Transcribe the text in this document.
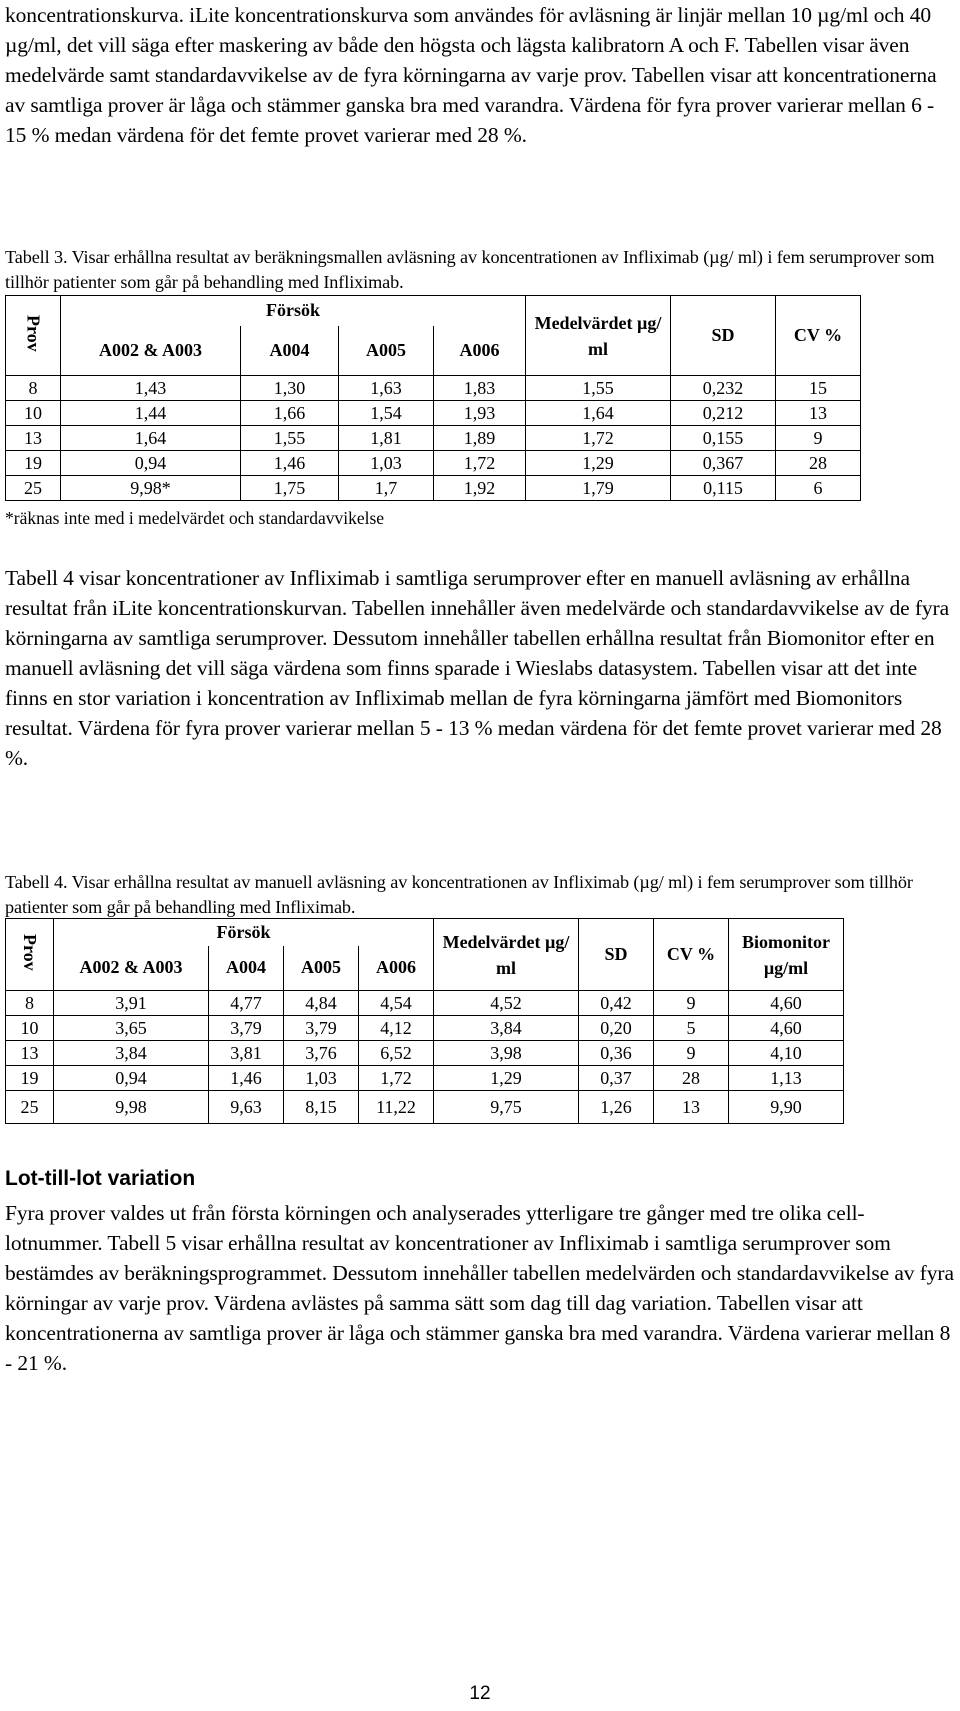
koncentrationskurva. iLite koncentrationskurva som användes för avläsning är linjär mellan 10 µg/ml och 40 µg/ml, det vill säga efter maskering av både den högsta och lägsta kalibratorn A och F. Tabellen visar även medelvärde samt standardavvikelse av de fyra körningarna av varje prov. Tabellen visar att koncentrationerna av samtliga prover är låga och stämmer ganska bra med varandra. Värdena för fyra prover varierar mellan 6 - 15 % medan värdena för det femte provet varierar med 28 %.
Tabell 3. Visar erhållna resultat av beräkningsmallen avläsning av koncentrationen av Infliximab (µg/ ml) i fem serumprover som tillhör patienter som går på behandling med Infliximab.
Prov	Försök				Medelvärdet µg/ ml	SD	CV %
	A002 & A003	A004	A005	A006			
8	1,43	1,30	1,63	1,83	1,55	0,232	15
10	1,44	1,66	1,54	1,93	1,64	0,212	13
13	1,64	1,55	1,81	1,89	1,72	0,155	9
19	0,94	1,46	1,03	1,72	1,29	0,367	28
25	9,98*	1,75	1,7	1,92	1,79	0,115	6
*räknas inte med i medelvärdet och standardavvikelse
Tabell 4 visar koncentrationer av Infliximab i samtliga serumprover efter en manuell avläsning av erhållna resultat från iLite koncentrationskurvan. Tabellen innehåller även medelvärde och standardavvikelse av de fyra körningarna av samtliga serumprover. Dessutom innehåller tabellen erhållna resultat från Biomonitor efter en manuell avläsning det vill säga värdena som finns sparade i Wieslabs datasystem. Tabellen visar att det inte finns en stor variation i koncentration av Infliximab mellan de fyra körningarna jämfört med Biomonitors resultat. Värdena för fyra prover varierar mellan 5 - 13 % medan värdena för det femte provet varierar med 28 %.
Tabell 4. Visar erhållna resultat av manuell avläsning av koncentrationen av Infliximab (µg/ ml) i fem serumprover som tillhör patienter som går på behandling med Infliximab.
Prov	Försök				Medelvärdet µg/ ml	SD	CV %	Biomonitor µg/ml
	A002 & A003	A004	A005	A006				
8	3,91	4,77	4,84	4,54	4,52	0,42	9	4,60
10	3,65	3,79	3,79	4,12	3,84	0,20	5	4,60
13	3,84	3,81	3,76	6,52	3,98	0,36	9	4,10
19	0,94	1,46	1,03	1,72	1,29	0,37	28	1,13
25	9,98	9,63	8,15	11,22	9,75	1,26	13	9,90
Lot-till-lot variation
Fyra prover valdes ut från första körningen och analyserades ytterligare tre gånger med tre olika cell-lotnummer. Tabell 5 visar erhållna resultat av koncentrationer av Infliximab i samtliga serumprover som bestämdes av beräkningsprogrammet. Dessutom innehåller tabellen medelvärden och standardavvikelse av fyra körningar av varje prov. Värdena avlästes på samma sätt som dag till dag variation. Tabellen visar att koncentrationerna av samtliga prover är låga och stämmer ganska bra med varandra. Värdena varierar mellan 8 - 21 %.
12
